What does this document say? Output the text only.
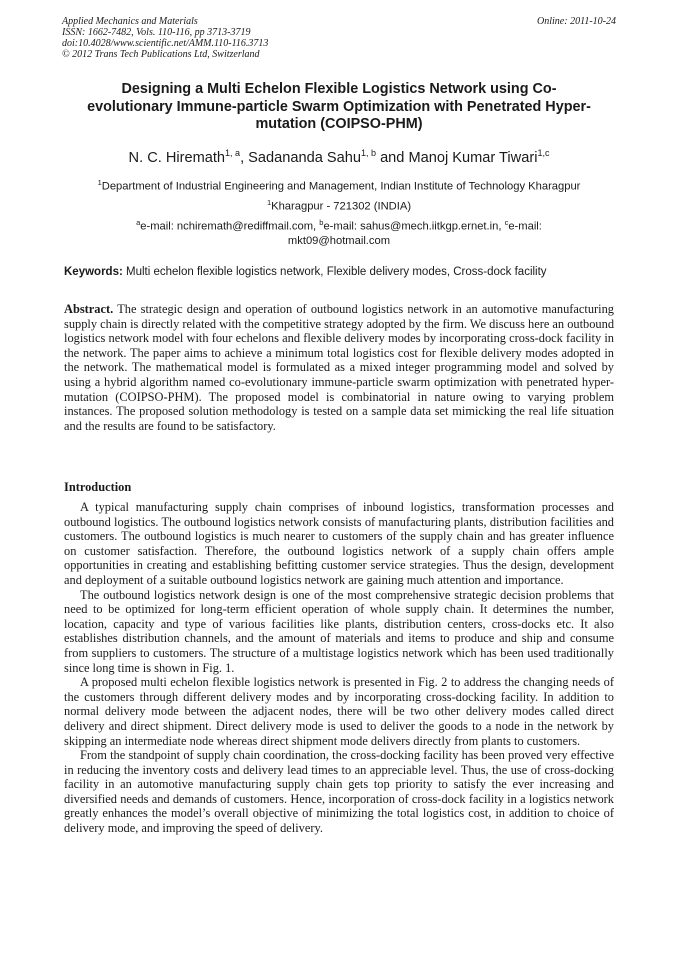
Applied Mechanics and Materials
ISSN: 1662-7482, Vols. 110-116, pp 3713-3719
doi:10.4028/www.scientific.net/AMM.110-116.3713
© 2012 Trans Tech Publications Ltd, Switzerland
Online: 2011-10-24
Designing a Multi Echelon Flexible Logistics Network using Co-evolutionary Immune-particle Swarm Optimization with Penetrated Hyper-mutation (COIPSO-PHM)
N. C. Hiremath$^{1, a}$, Sadananda Sahu$^{1, b}$ and Manoj Kumar Tiwari$^{1,c}$
$^1$Department of Industrial Engineering and Management, Indian Institute of Technology Kharagpur
$^1$Kharagpur - 721302 (INDIA)
$^a$e-mail: nchiremath@rediffmail.com, $^b$e-mail: sahus@mech.iitkgp.ernet.in, $^c$e-mail: mkt09@hotmail.com
Keywords: Multi echelon flexible logistics network, Flexible delivery modes, Cross-dock facility

Abstract. The strategic design and operation of outbound logistics network in an automotive manufacturing supply chain is directly related with the competitive strategy adopted by the firm. We discuss here an outbound logistics network model with four echelons and flexible delivery modes by incorporating cross-dock facility in the network. The paper aims to achieve a minimum total logistics cost for flexible delivery modes adopted in the network. The mathematical model is formulated as a mixed integer programming model and solved by using a hybrid algorithm named co-evolutionary immune-particle swarm optimization with penetrated hyper-mutation (COIPSO-PHM). The proposed model is combinatorial in nature owing to varying problem instances. The proposed solution methodology is tested on a sample data set mimicking the real life situation and the results are found to be satisfactory.

Introduction

A typical manufacturing supply chain comprises of inbound logistics, transformation processes and outbound logistics. The outbound logistics network consists of manufacturing plants, distribution facilities and customers. The outbound logistics is much nearer to customers of the supply chain and has greater influence on customer satisfaction. Therefore, the outbound logistics network of a supply chain offers ample opportunities in creating and establishing befitting customer service strategies. Thus the design, development and deployment of a suitable outbound logistics network are gaining much attention and importance.

The outbound logistics network design is one of the most comprehensive strategic decision problems that need to be optimized for long-term efficient operation of whole supply chain. It determines the number, location, capacity and type of various facilities like plants, distribution centers, cross-docks etc. It also establishes distribution channels, and the amount of materials and items to produce and ship and consume from suppliers to customers. The structure of a multistage logistics network which has been used traditionally since long time is shown in Fig. 1.

A proposed multi echelon flexible logistics network is presented in Fig. 2 to address the changing needs of the customers through different delivery modes and by incorporating cross-docking facility. In addition to normal delivery mode between the adjacent nodes, there will be two other delivery modes called direct delivery and direct shipment. Direct delivery mode is used to deliver the goods to a node in the network by skipping an intermediate node whereas direct shipment mode delivers directly from plants to customers.

From the standpoint of supply chain coordination, the cross-docking facility has been proved very effective in reducing the inventory costs and delivery lead times to an appreciable level. Thus, the use of cross-docking facility in an automotive manufacturing supply chain gets top priority to satisfy the ever increasing and diversified needs and demands of customers. Hence, incorporation of cross-dock facility in a logistics network greatly enhances the model’s overall objective of minimizing the total logistics cost, in addition to choice of delivery mode, and improving the speed of delivery.
